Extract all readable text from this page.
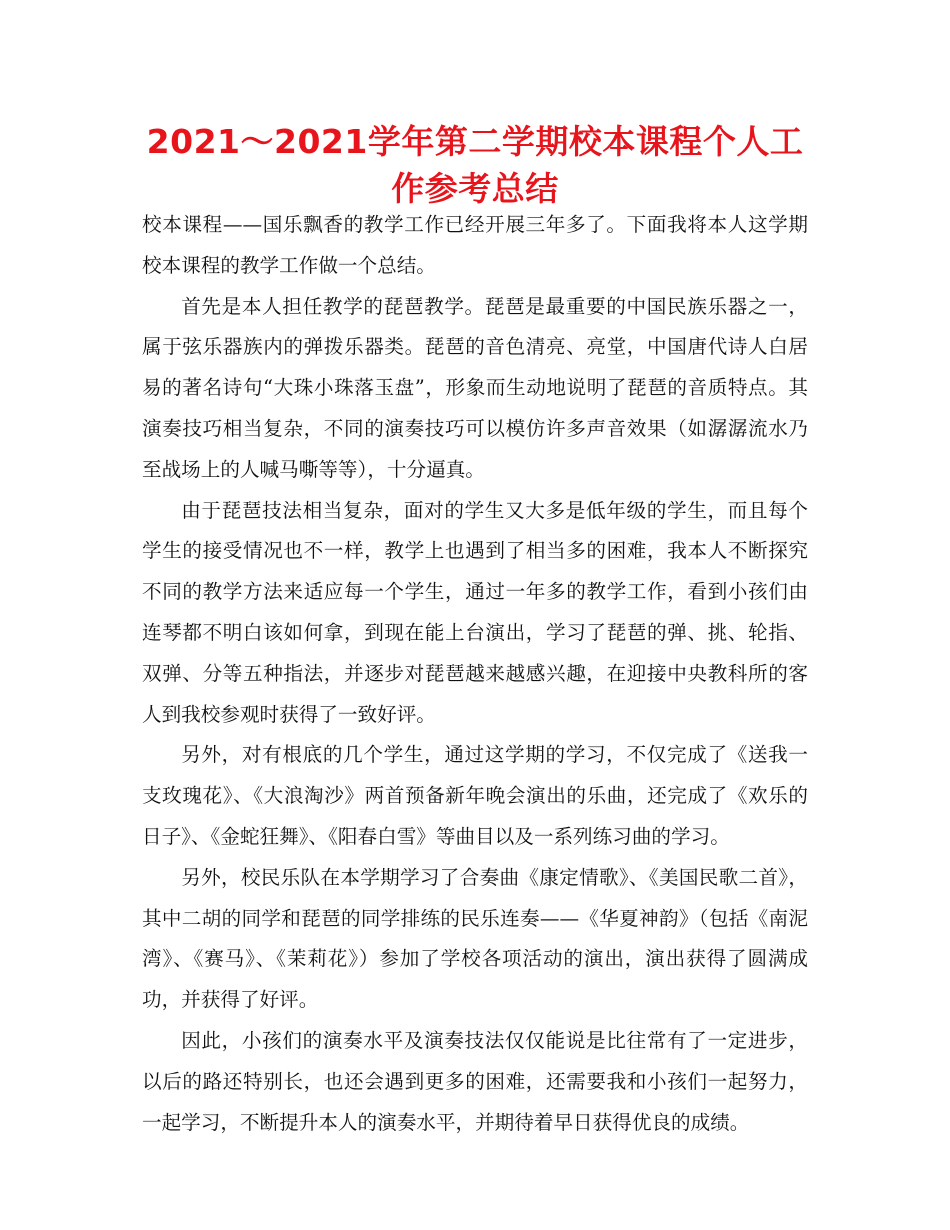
2021～2021学年第二学期校本课程个人工作参考总结

校本课程——国乐飘香的教学工作已经开展三年多了。下面我将本人这学期校本课程的教学工作做一个总结。

首先是本人担任教学的琵琶教学。琵琶是最重要的中国民族乐器之一，属于弦乐器族内的弹拨乐器类。琵琶的音色清亮、亮堂，中国唐代诗人白居易的著名诗句“大珠小珠落玉盘”，形象而生动地说明了琵琶的音质特点。其演奏技巧相当复杂，不同的演奏技巧可以模仿许多声音效果（如潺潺流水乃至战场上的人喊马嘶等等），十分逼真。

由于琵琶技法相当复杂，面对的学生又大多是低年级的学生，而且每个学生的接受情况也不一样，教学上也遇到了相当多的困难，我本人不断探究不同的教学方法来适应每一个学生，通过一年多的教学工作，看到小孩们由连琴都不明白该如何拿，到现在能上台演出，学习了琵琶的弹、挑、轮指、双弹、分等五种指法，并逐步对琵琶越来越感兴趣，在迎接中央教科所的客人到我校参观时获得了一致好评。

另外，对有根底的几个学生，通过这学期的学习，不仅完成了《送我一支玫瑰花》、《大浪淘沙》两首预备新年晚会演出的乐曲，还完成了《欢乐的日子》、《金蛇狂舞》、《阳春白雪》等曲目以及一系列练习曲的学习。

另外，校民乐队在本学期学习了合奏曲《康定情歌》、《美国民歌二首》，其中二胡的同学和琵琶的同学排练的民乐连奏——《华夏神韵》（包括《南泥湾》、《赛马》、《茉莉花》）参加了学校各项活动的演出，演出获得了圆满成功，并获得了好评。

因此，小孩们的演奏水平及演奏技法仅仅能说是比往常有了一定进步，以后的路还特别长，也还会遇到更多的困难，还需要我和小孩们一起努力，一起学习，不断提升本人的演奏水平，并期待着早日获得优良的成绩。
